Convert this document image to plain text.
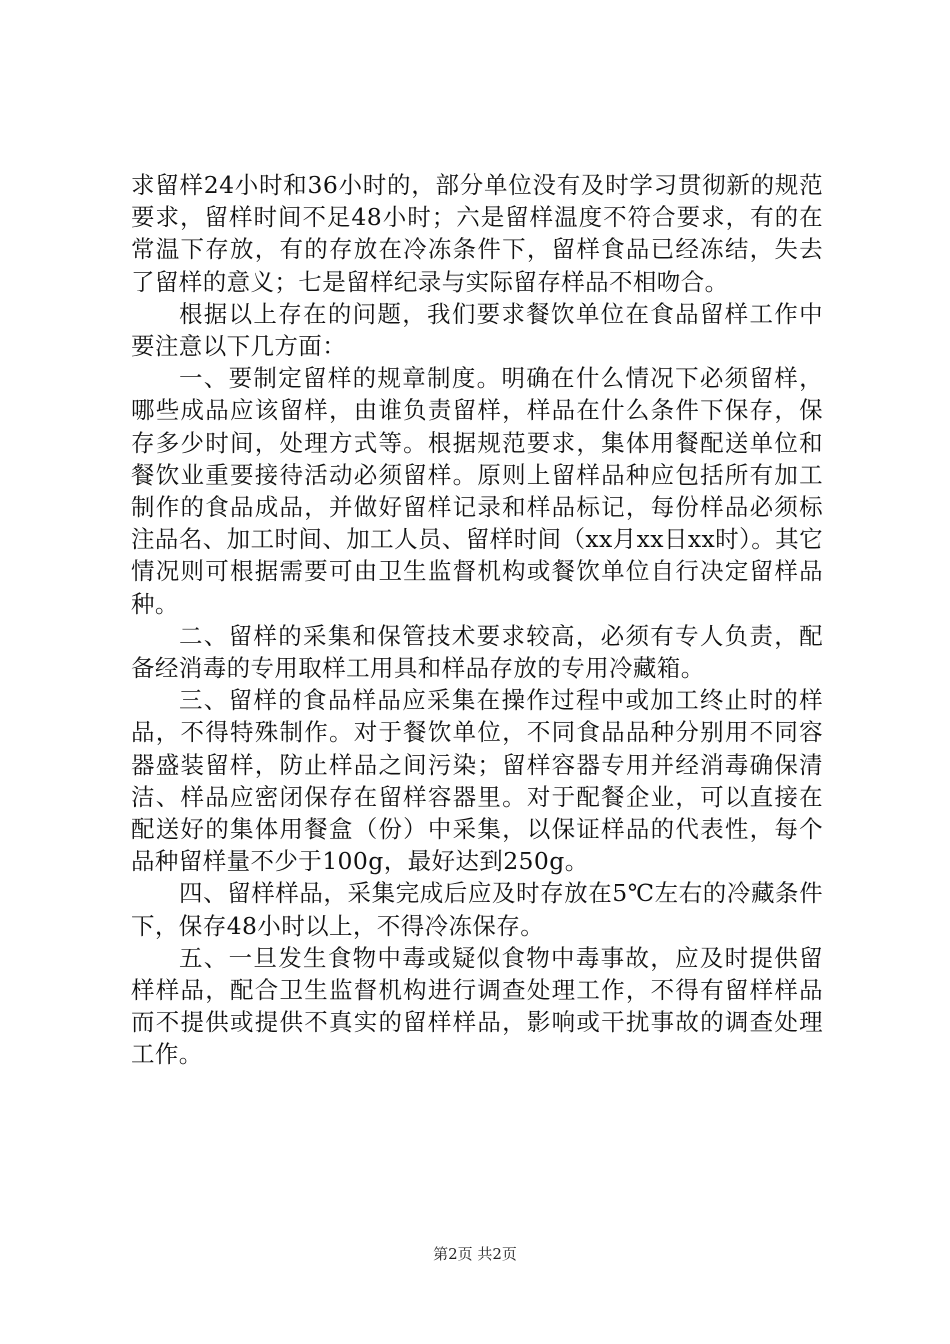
求留样24小时和36小时的，部分单位没有及时学习贯彻新的规范要求，留样时间不足48小时；六是留样温度不符合要求，有的在常温下存放，有的存放在冷冻条件下，留样食品已经冻结，失去了留样的意义；七是留样纪录与实际留存样品不相吻合。

根据以上存在的问题，我们要求餐饮单位在食品留样工作中要注意以下几方面：

一、要制定留样的规章制度。明确在什么情况下必须留样，哪些成品应该留样，由谁负责留样，样品在什么条件下保存，保存多少时间，处理方式等。根据规范要求，集体用餐配送单位和餐饮业重要接待活动必须留样。原则上留样品种应包括所有加工制作的食品成品，并做好留样记录和样品标记，每份样品必须标注品名、加工时间、加工人员、留样时间（xx月xx日xx时）。其它情况则可根据需要可由卫生监督机构或餐饮单位自行决定留样品种。

二、留样的采集和保管技术要求较高，必须有专人负责，配备经消毒的专用取样工用具和样品存放的专用冷藏箱。

三、留样的食品样品应采集在操作过程中或加工终止时的样品，不得特殊制作。对于餐饮单位，不同食品品种分别用不同容器盛装留样，防止样品之间污染；留样容器专用并经消毒确保清洁、样品应密闭保存在留样容器里。对于配餐企业，可以直接在配送好的集体用餐盒（份）中采集，以保证样品的代表性，每个品种留样量不少于100g，最好达到250g。

四、留样样品，采集完成后应及时存放在5℃左右的冷藏条件下，保存48小时以上，不得冷冻保存。

五、一旦发生食物中毒或疑似食物中毒事故，应及时提供留样样品，配合卫生监督机构进行调查处理工作，不得有留样样品而不提供或提供不真实的留样样品，影响或干扰事故的调查处理工作。

第2页 共2页
